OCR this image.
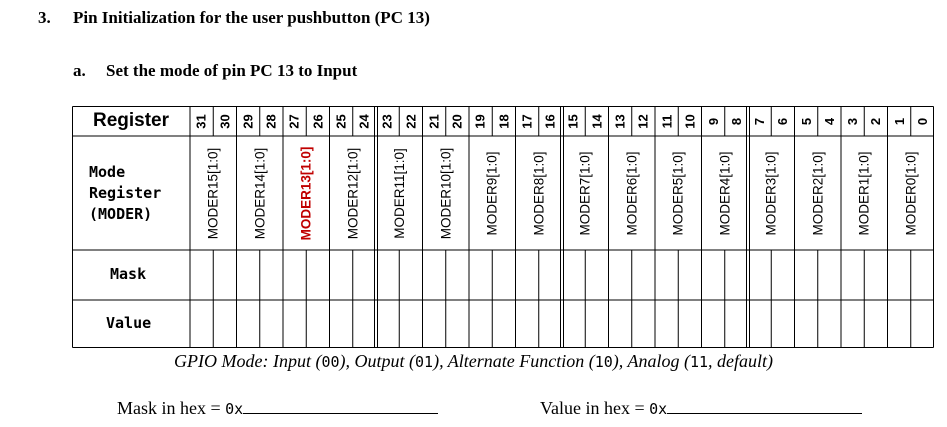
3. Pin Initialization for the user pushbutton (PC 13)
a. Set the mode of pin PC 13 to Input
Register
Mode
Register
(MODER)
Mask
Value
31 30 29 28 27 26 25 24 23 22 21 20 19 18 17 16 15 14 13 12 11 10 9 8 7 6 5 4 3 2 1 0
MODER15[1:0] MODER14[1:0] MODER13[1:0] MODER12[1:0] MODER11[1:0] MODER10[1:0] MODER9[1:0] MODER8[1:0] MODER7[1:0] MODER6[1:0] MODER5[1:0] MODER4[1:0] MODER3[1:0] MODER2[1:0] MODER1[1:0] MODER0[1:0]
GPIO Mode: Input (00), Output (01), Alternate Function (10), Analog (11, default)
Mask in hex = 0x	Value in hex = 0x
